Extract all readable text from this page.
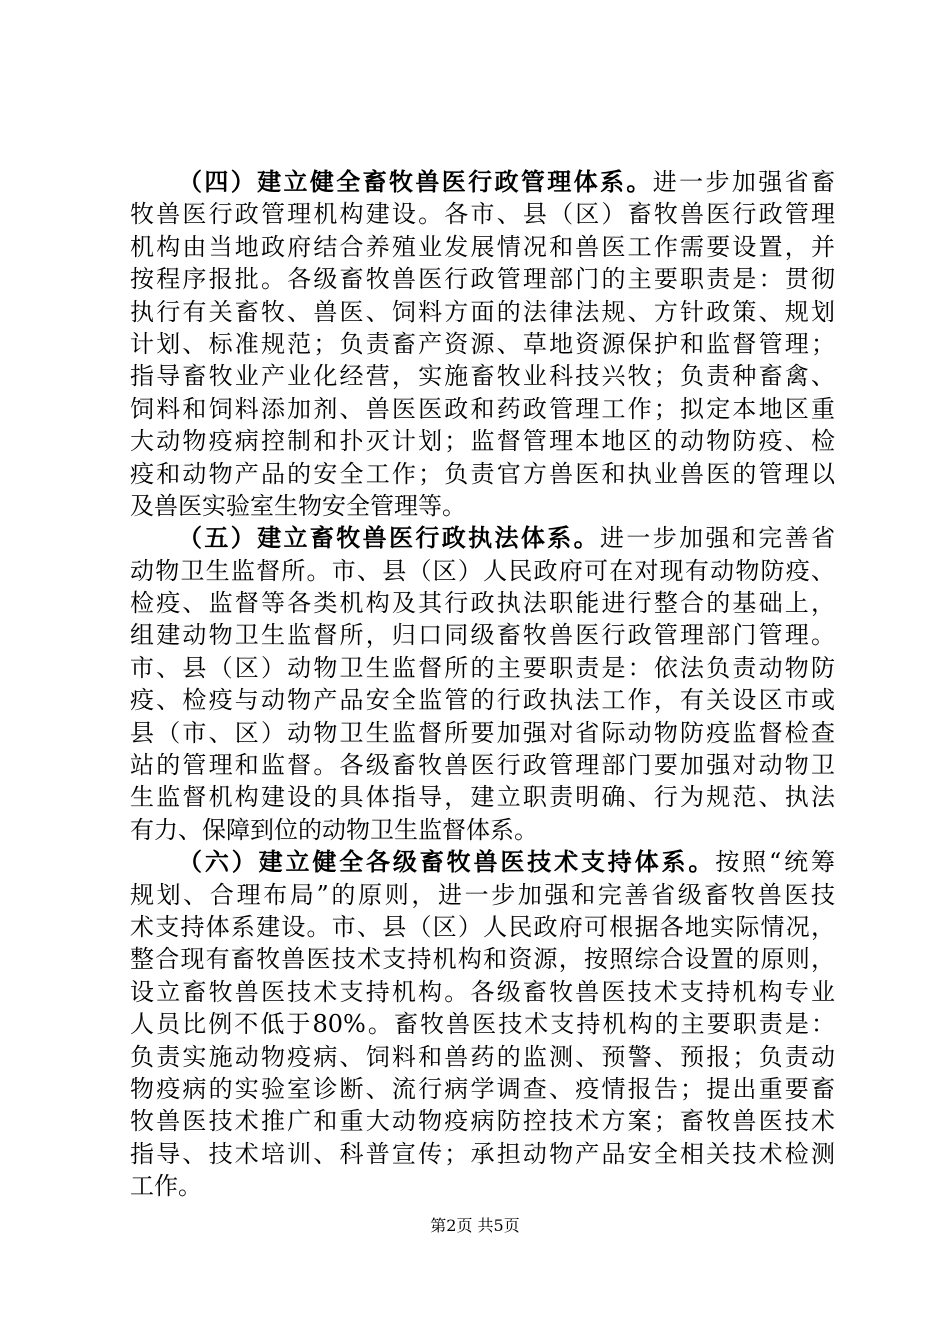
（四）建立健全畜牧兽医行政管理体系。进一步加强省畜
牧兽医行政管理机构建设。各市、县（区）畜牧兽医行政管理
机构由当地政府结合养殖业发展情况和兽医工作需要设置，并
按程序报批。各级畜牧兽医行政管理部门的主要职责是：贯彻
执行有关畜牧、兽医、饲料方面的法律法规、方针政策、规划
计划、标准规范；负责畜产资源、草地资源保护和监督管理；
指导畜牧业产业化经营，实施畜牧业科技兴牧；负责种畜禽、
饲料和饲料添加剂、兽医医政和药政管理工作；拟定本地区重
大动物疫病控制和扑灭计划；监督管理本地区的动物防疫、检
疫和动物产品的安全工作；负责官方兽医和执业兽医的管理以
及兽医实验室生物安全管理等。
（五）建立畜牧兽医行政执法体系。进一步加强和完善省
动物卫生监督所。市、县（区）人民政府可在对现有动物防疫、
检疫、监督等各类机构及其行政执法职能进行整合的基础上，
组建动物卫生监督所，归口同级畜牧兽医行政管理部门管理。
市、县（区）动物卫生监督所的主要职责是：依法负责动物防
疫、检疫与动物产品安全监管的行政执法工作，有关设区市或
县（市、区）动物卫生监督所要加强对省际动物防疫监督检查
站的管理和监督。各级畜牧兽医行政管理部门要加强对动物卫
生监督机构建设的具体指导，建立职责明确、行为规范、执法
有力、保障到位的动物卫生监督体系。
（六）建立健全各级畜牧兽医技术支持体系。按照“统筹
规划、合理布局”的原则，进一步加强和完善省级畜牧兽医技
术支持体系建设。市、县（区）人民政府可根据各地实际情况，
整合现有畜牧兽医技术支持机构和资源，按照综合设置的原则，
设立畜牧兽医技术支持机构。各级畜牧兽医技术支持机构专业
人员比例不低于80%。畜牧兽医技术支持机构的主要职责是：
负责实施动物疫病、饲料和兽药的监测、预警、预报；负责动
物疫病的实验室诊断、流行病学调查、疫情报告；提出重要畜
牧兽医技术推广和重大动物疫病防控技术方案；畜牧兽医技术
指导、技术培训、科普宣传；承担动物产品安全相关技术检测
工作。
第2页 共5页
